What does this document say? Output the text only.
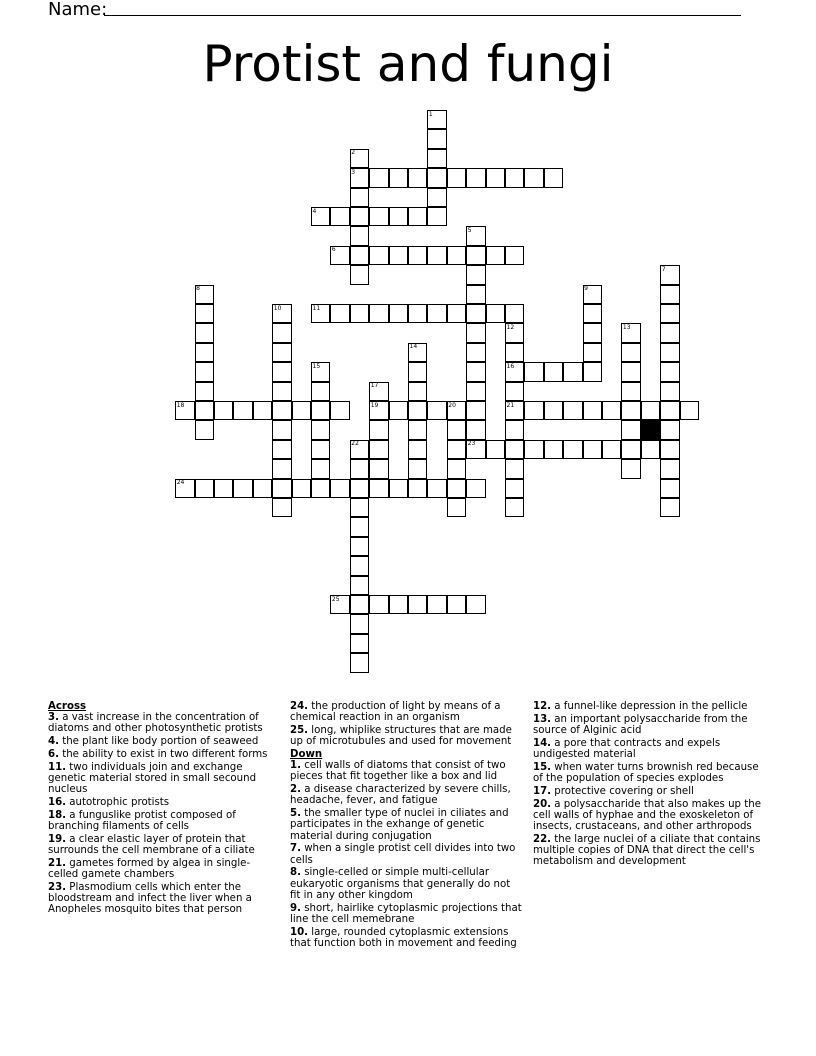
Name:
Protist and fungi
1
2
3
4
5
6
7
8	9
10	11
12	13
14
15	16
17
18	19	20	21
22	23
24
25
Across
3. a vast increase in the concentration of diatoms and other photosynthetic protists
4. the plant like body portion of seaweed
6. the ability to exist in two different forms
11. two individuals join and exchange genetic material stored in small secound nucleus
16. autotrophic protists
18. a funguslike protist composed of branching filaments of cells
19. a clear elastic layer of protein that surrounds the cell membrane of a ciliate
21. gametes formed by algea in single-celled gamete chambers
23. Plasmodium cells which enter the bloodstream and infect the liver when a Anopheles mosquito bites that person
24. the production of light by means of a chemical reaction in an organism
25. long, whiplike structures that are made up of microtubules and used for movement
Down
1. cell walls of diatoms that consist of two pieces that fit together like a box and lid
2. a disease characterized by severe chills, headache, fever, and fatigue
5. the smaller type of nuclei in ciliates and participates in the exhange of genetic material during conjugation
7. when a single protist cell divides into two cells
8. single-celled or simple multi-cellular eukaryotic organisms that generally do not fit in any other kingdom
9. short, hairlike cytoplasmic projections that line the cell memebrane
10. large, rounded cytoplasmic extensions that function both in movement and feeding
12. a funnel-like depression in the pellicle
13. an important polysaccharide from the source of Alginic acid
14. a pore that contracts and expels undigested material
15. when water turns brownish red because of the population of species explodes
17. protective covering or shell
20. a polysaccharide that also makes up the cell walls of hyphae and the exoskeleton of insects, crustaceans, and other arthropods
22. the large nuclei of a ciliate that contains multiple copies of DNA that direct the cell's metabolism and development
